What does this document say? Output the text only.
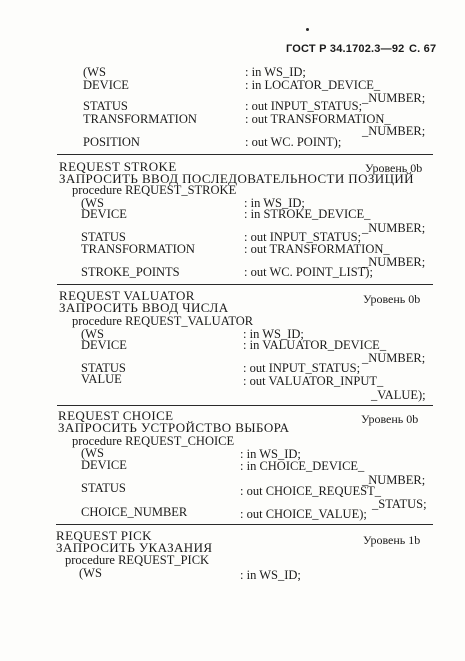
ГОСТ Р 34.1702.3—92 С. 67
(WS	: in WS_ID;
DEVICE	: in LOCATOR_DEVICE_
_NUMBER;
STATUS	: out INPUT_STATUS;
TRANSFORMATION	: out TRANSFORMATION_
_NUMBER;
POSITION	: out WC. POINT);
REQUEST STROKE	Уровень 0b
ЗАПРОСИТЬ ВВОД ПОСЛЕДОВАТЕЛЬНОСТИ ПОЗИЦИЙ
procedure REQUEST_STROKE
(WS	: in WS_ID;
DEVICE	: in STROKE_DEVICE_
_NUMBER;
STATUS	: out INPUT_STATUS;
TRANSFORMATION	: out TRANSFORMATION_
_NUMBER;
STROKE_POINTS	: out WC. POINT_LIST);
REQUEST VALUATOR	Уровень 0b
ЗАПРОСИТЬ ВВОД ЧИСЛА
procedure REQUEST_VALUATOR
(WS	: in WS_ID;
DEVICE	: in VALUATOR_DEVICE_
_NUMBER;
STATUS	: out INPUT_STATUS;
VALUE	: out VALUATOR_INPUT_
_VALUE);
REQUEST CHOICE	Уровень 0b
ЗАПРОСИТЬ УСТРОЙСТВО ВЫБОРА
procedure REQUEST_CHOICE
(WS	: in WS_ID;
DEVICE	: in CHOICE_DEVICE_
_NUMBER;
STATUS	: out CHOICE_REQUEST_
_STATUS;
CHOICE_NUMBER	: out CHOICE_VALUE);
REQUEST PICK	Уровень 1b
ЗАПРОСИТЬ УКАЗАНИЯ
procedure REQUEST_PICK
(WS	: in WS_ID;
